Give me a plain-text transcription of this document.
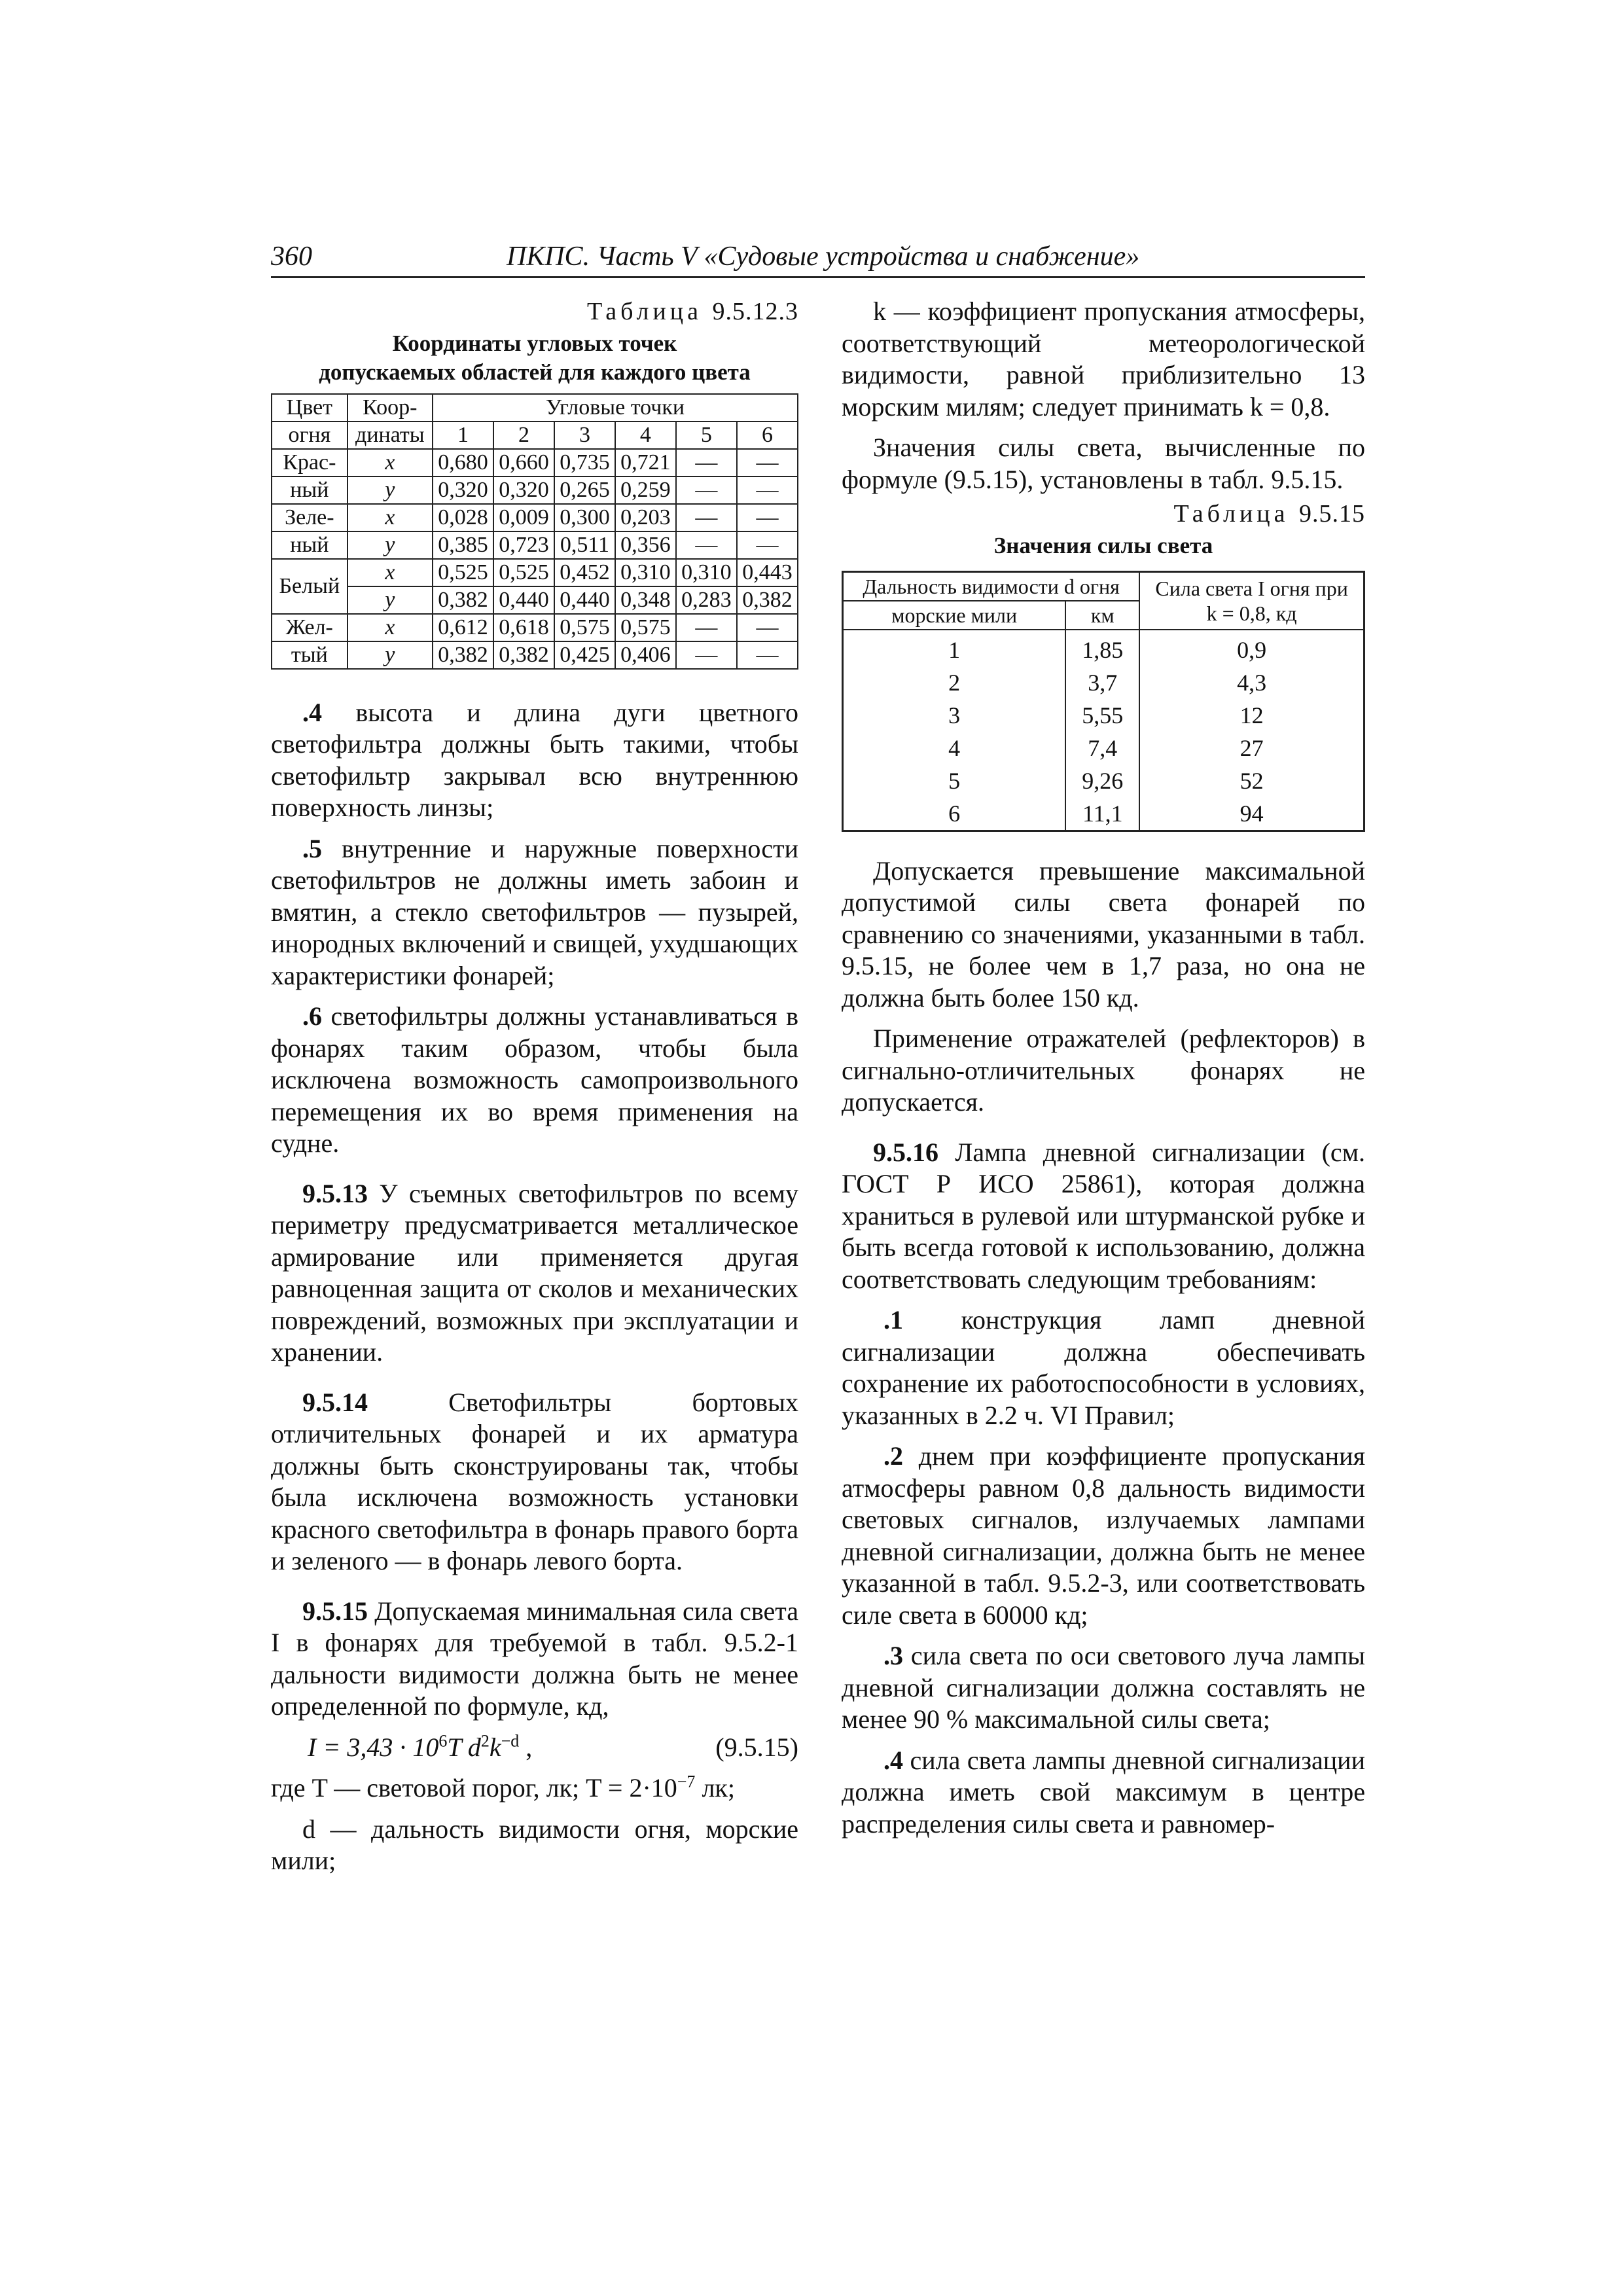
360	ПКПС. Часть V «Судовые устройства и снабжение»
Таблица 9.5.12.3
Координаты угловых точек
допускаемых областей для каждого цвета
Цвет	Коор-	Угловые точки					
огня	динаты	1	2	3	4	5	6
Крас-	x	0,680	0,660	0,735	0,721	—	—
ный	y	0,320	0,320	0,265	0,259	—	—
Зеле-	x	0,028	0,009	0,300	0,203	—	—
ный	y	0,385	0,723	0,511	0,356	—	—
Белый	x	0,525	0,525	0,452	0,310	0,310	0,443
	y	0,382	0,440	0,440	0,348	0,283	0,382
Жел-	x	0,612	0,618	0,575	0,575	—	—
тый	y	0,382	0,382	0,425	0,406	—	—

.4 высота и длина дуги цветного светофильтра должны быть такими, чтобы светофильтр закрывал всю внутреннюю поверхность линзы;

.5 внутренние и наружные поверхности светофильтров не должны иметь забоин и вмятин, а стекло светофильтров — пузырей, инородных включений и свищей, ухудшающих характеристики фонарей;

.6 светофильтры должны устанавливаться в фонарях таким образом, чтобы была исключена возможность самопроизвольного перемещения их во время применения на судне.

9.5.13 У съемных светофильтров по всему периметру предусматривается металлическое армирование или применяется другая равноценная защита от сколов и механических повреждений, возможных при эксплуатации и хранении.

9.5.14 Светофильтры бортовых отличительных фонарей и их арматура должны быть сконструированы так, чтобы была исключена возможность установки красного светофильтра в фонарь правого борта и зеленого — в фонарь левого борта.

9.5.15 Допускаемая минимальная сила света I в фонарях для требуемой в табл. 9.5.2-1 дальности видимости должна быть не менее определенной по формуле, кд,

$I = 3,43 \cdot 10^6T$ $d^2k^{-d}$ ,	(9.5.15)

где T — световой порог, лк; $T = 2\cdot 10^{-7}$ лк;

d — дальность видимости огня, морские мили;

k — коэффициент пропускания атмосферы, соответствующий метеорологической видимости, равной приблизительно 13 морским милям; следует принимать k = 0,8.

Значения силы света, вычисленные по формуле (9.5.15), установлены в табл. 9.5.15.

Таблица 9.5.15
Значения силы света
Дальность видимости d огня		Сила света I огня при
k = 0,8, кд

морские мили	км	
1	1,85	0,9
2	3,7	4,3
3	5,55	12
4	7,4	27
5	9,26	52
6	11,1	94

Допускается превышение максимальной допустимой силы света фонарей по сравнению со значениями, указанными в табл. 9.5.15, не более чем в 1,7 раза, но она не должна быть более 150 кд.

Применение отражателей (рефлекторов) в сигнально-отличительных фонарях не допускается.

9.5.16 Лампа дневной сигнализации (см. ГОСТ Р ИСО 25861), которая должна храниться в рулевой или штурманской рубке и быть всегда готовой к использованию, должна соответствовать следующим требованиям:

.1 конструкция ламп дневной сигнализации должна обеспечивать сохранение их работоспособности в условиях, указанных в 2.2 ч. VI Правил;

.2 днем при коэффициенте пропускания атмосферы равном 0,8 дальность видимости световых сигналов, излучаемых лампами дневной сигнализации, должна быть не менее указанной в табл. 9.5.2-3, или соответствовать силе света в 60000 кд;

.3 сила света по оси светового луча лампы дневной сигнализации должна составлять не менее 90 % максимальной силы света;

.4 сила света лампы дневной сигнализации должна иметь свой максимум в центре распределения силы света и равномер-
